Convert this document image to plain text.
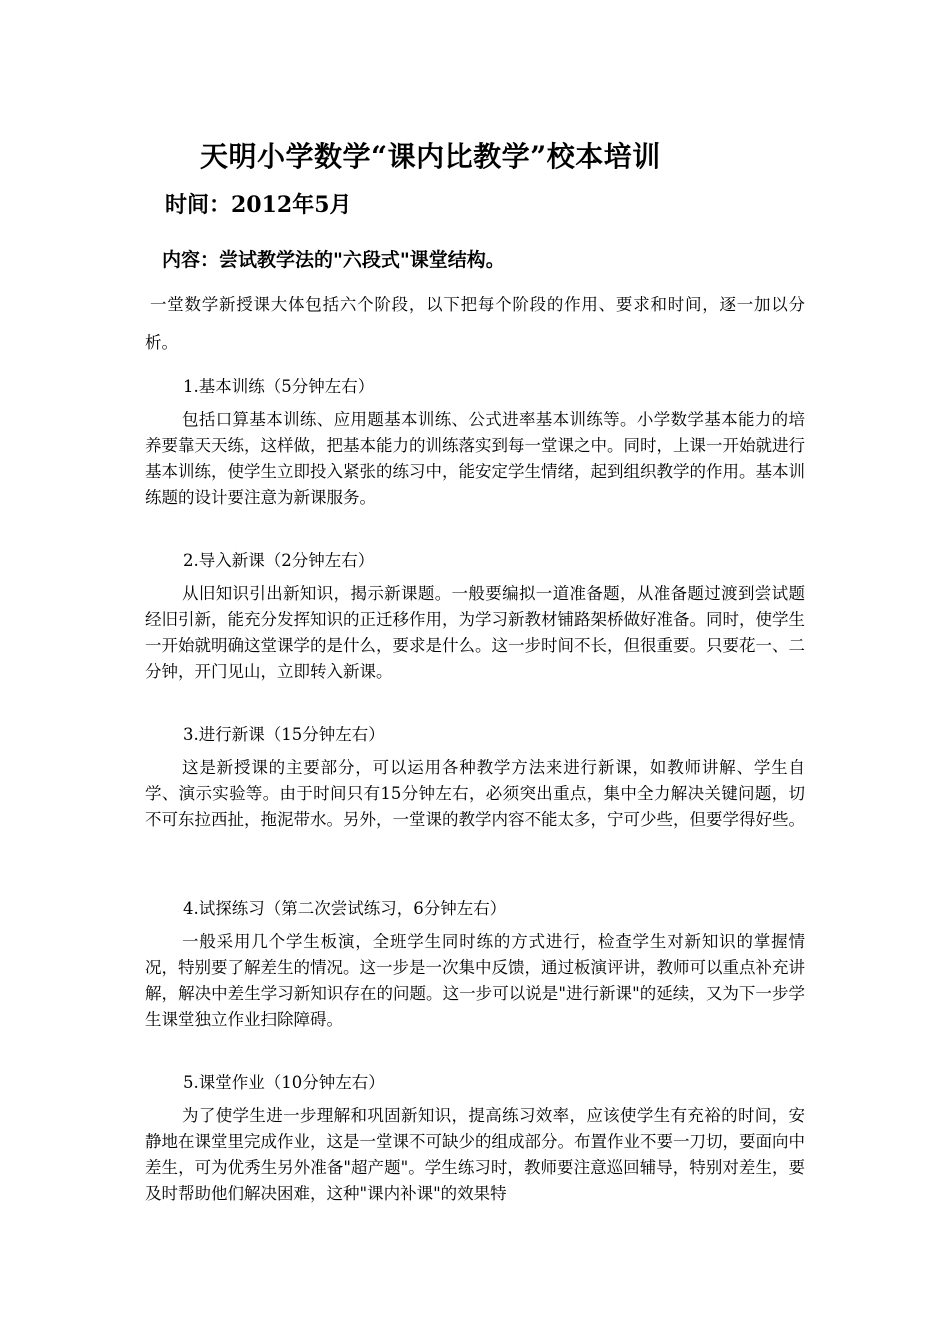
天明小学数学“课内比教学”校本培训
时间：2012年5月
内容：尝试教学法的"六段式"课堂结构。
一堂数学新授课大体包括六个阶段，以下把每个阶段的作用、要求和时间，逐一加以分析。
1.基本训练（5分钟左右）
包括口算基本训练、应用题基本训练、公式进率基本训练等。小学数学基本能力的培养要靠天天练，这样做，把基本能力的训练落实到每一堂课之中。同时，上课一开始就进行基本训练，使学生立即投入紧张的练习中，能安定学生情绪，起到组织教学的作用。基本训练题的设计要注意为新课服务。
2.导入新课（2分钟左右）
从旧知识引出新知识，揭示新课题。一般要编拟一道准备题，从准备题过渡到尝试题经旧引新，能充分发挥知识的正迁移作用，为学习新教材铺路架桥做好准备。同时，使学生一开始就明确这堂课学的是什么，要求是什么。这一步时间不长，但很重要。只要花一、二分钟，开门见山，立即转入新课。
3.进行新课（15分钟左右）
这是新授课的主要部分，可以运用各种教学方法来进行新课，如教师讲解、学生自学、演示实验等。由于时间只有15分钟左右，必须突出重点，集中全力解决关键问题，切不可东拉西扯，拖泥带水。另外，一堂课的教学内容不能太多，宁可少些，但要学得好些。
4.试探练习（第二次尝试练习，6分钟左右）
一般采用几个学生板演，全班学生同时练的方式进行，检查学生对新知识的掌握情况，特别要了解差生的情况。这一步是一次集中反馈，通过板演评讲，教师可以重点补充讲解，解决中差生学习新知识存在的问题。这一步可以说是"进行新课"的延续，又为下一步学生课堂独立作业扫除障碍。
5.课堂作业（10分钟左右）
为了使学生进一步理解和巩固新知识，提高练习效率，应该使学生有充裕的时间，安静地在课堂里完成作业，这是一堂课不可缺少的组成部分。布置作业不要一刀切，要面向中差生，可为优秀生另外准备"超产题"。学生练习时，教师要注意巡回辅导，特别对差生，要及时帮助他们解决困难，这种"课内补课"的效果特
